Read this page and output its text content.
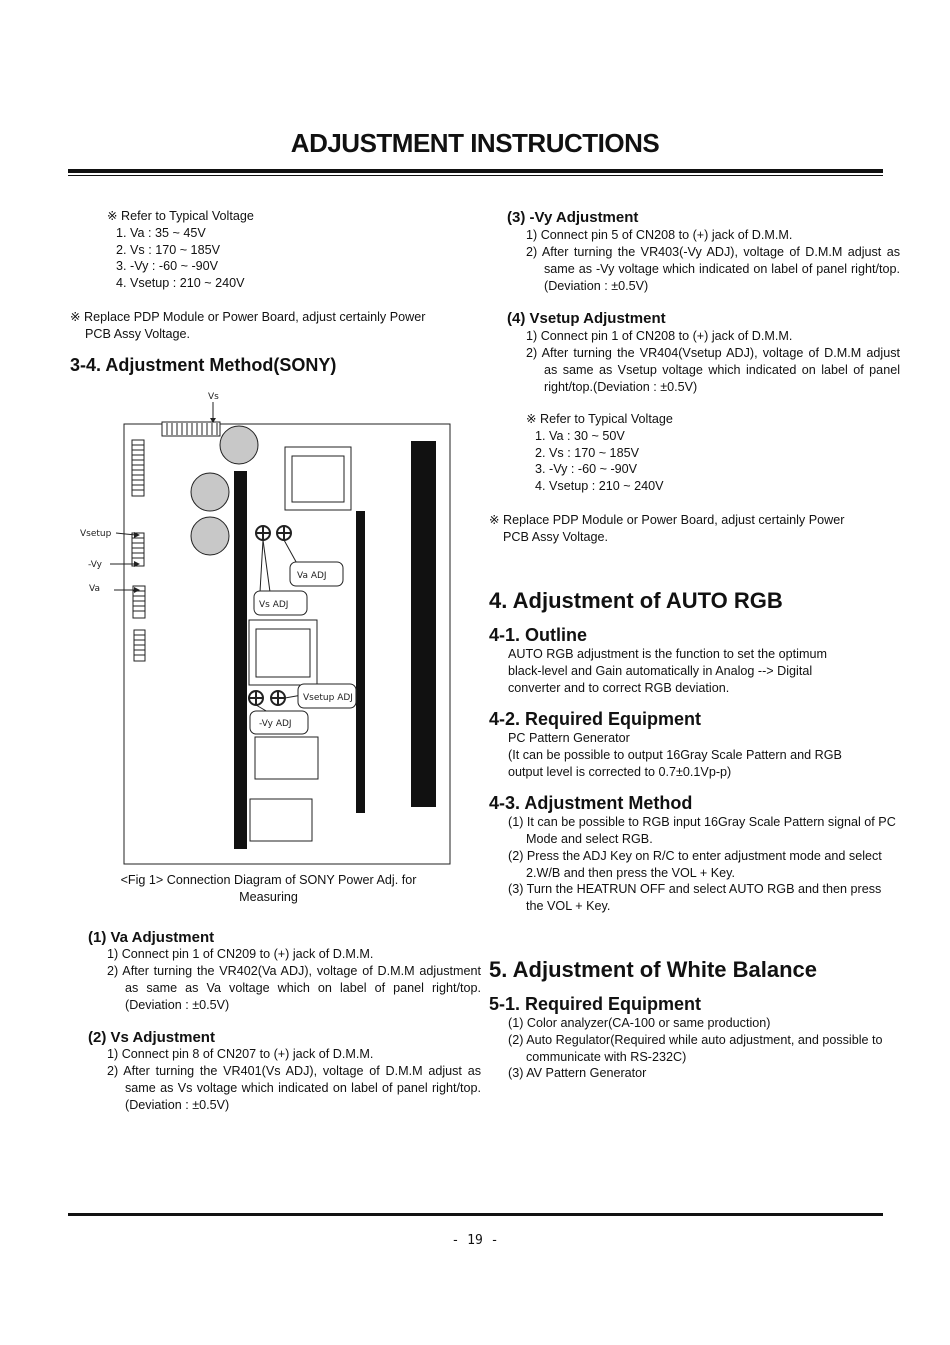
ADJUSTMENT INSTRUCTIONS
※ Refer to Typical Voltage
1. Va : 35 ~ 45V
2. Vs : 170 ~ 185V
3. -Vy : -60 ~ -90V
4. Vsetup : 210 ~ 240V
※ Replace PDP Module or Power Board, adjust certainly Power
PCB Assy Voltage.
3-4. Adjustment Method(SONY)
Vs
Vsetup
-Vy
Va
Va ADJ
Vs ADJ
Vsetup ADJ
-Vy ADJ
<Fig 1> Connection Diagram of SONY Power Adj. for
Measuring
(1) Va Adjustment
1) Connect pin 1 of CN209 to (+) jack of D.M.M.
2) After turning the VR402(Va ADJ), voltage of D.M.M adjustment as same as Va voltage which on label of panel right/top.(Deviation : ±0.5V)
(2) Vs Adjustment
1) Connect pin 8 of CN207 to (+) jack of D.M.M.
2) After turning the VR401(Vs ADJ), voltage of D.M.M adjust as same as Vs voltage which indicated on label of panel right/top.(Deviation : ±0.5V)
(3) -Vy Adjustment
1) Connect pin 5 of CN208 to (+) jack of D.M.M.
2) After turning the VR403(-Vy ADJ), voltage of D.M.M adjust as same as -Vy voltage which indicated on label of panel right/top.(Deviation : ±0.5V)
(4) Vsetup Adjustment
1) Connect pin 1 of CN208 to (+) jack of D.M.M.
2) After turning the VR404(Vsetup ADJ), voltage of D.M.M adjust as same as Vsetup voltage which indicated on label of panel right/top.(Deviation : ±0.5V)
※ Refer to Typical Voltage
1. Va : 30 ~ 50V
2. Vs : 170 ~ 185V
3. -Vy : -60 ~ -90V
4. Vsetup : 210 ~ 240V
※ Replace PDP Module or Power Board, adjust certainly Power
PCB Assy Voltage.
4. Adjustment of AUTO RGB
4-1. Outline
AUTO RGB adjustment is the function to set the optimum
black-level and Gain automatically in Analog --> Digital
converter and to correct RGB deviation.
4-2. Required Equipment
PC Pattern Generator
(It can be possible to output 16Gray Scale Pattern and RGB
output level is corrected to 0.7±0.1Vp-p)
4-3. Adjustment Method
(1) It can be possible to RGB input 16Gray Scale Pattern signal of PC Mode and select RGB.
(2) Press the ADJ Key on R/C to enter adjustment mode and select 2.W/B and then press the VOL + Key.
(3) Turn the HEATRUN OFF and select AUTO RGB and then press the VOL + Key.
5. Adjustment of White Balance
5-1. Required Equipment
(1) Color analyzer(CA-100 or same production)
(2) Auto Regulator(Required while auto adjustment, and possible to communicate with RS-232C)
(3) AV Pattern Generator
- 19 -
